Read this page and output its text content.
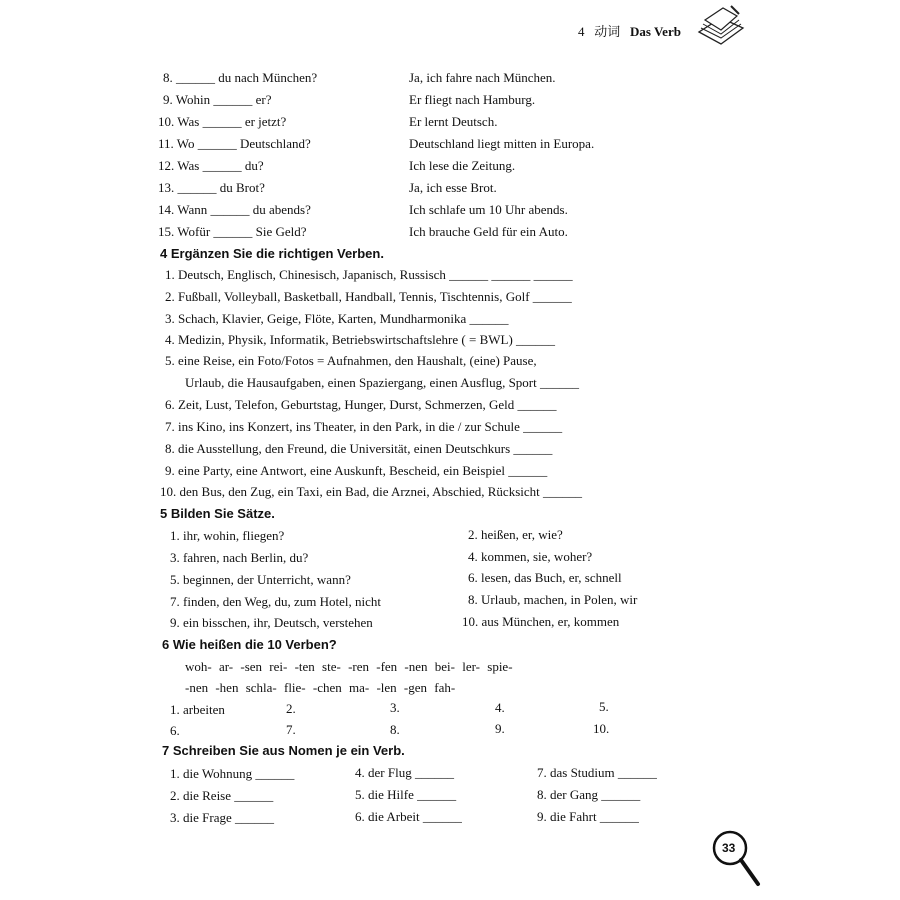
4 动词 Das Verb
8. ______ du nach München?	Ja, ich fahre nach München.
9. Wohin ______ er?	Er fliegt nach Hamburg.
10. Was ______ er jetzt?	Er lernt Deutsch.
11. Wo ______ Deutschland?	Deutschland liegt mitten in Europa.
12. Was ______ du?	Ich lese die Zeitung.
13. ______ du Brot?	Ja, ich esse Brot.
14. Wann ______ du abends?	Ich schlafe um 10 Uhr abends.
15. Wofür ______ Sie Geld?	Ich brauche Geld für ein Auto.
4 Ergänzen Sie die richtigen Verben.
1. Deutsch, Englisch, Chinesisch, Japanisch, Russisch ______ ______ ______
2. Fußball, Volleyball, Basketball, Handball, Tennis, Tischtennis, Golf ______
3. Schach, Klavier, Geige, Flöte, Karten, Mundharmonika ______
4. Medizin, Physik, Informatik, Betriebswirtschaftslehre ( = BWL) ______
5. eine Reise, ein Foto/Fotos = Aufnahmen, den Haushalt, (eine) Pause,
Urlaub, die Hausaufgaben, einen Spaziergang, einen Ausflug, Sport ______
6. Zeit, Lust, Telefon, Geburtstag, Hunger, Durst, Schmerzen, Geld ______
7. ins Kino, ins Konzert, ins Theater, in den Park, in die / zur Schule ______
8. die Ausstellung, den Freund, die Universität, einen Deutschkurs ______
9. eine Party, eine Antwort, eine Auskunft, Bescheid, ein Beispiel ______
10. den Bus, den Zug, ein Taxi, ein Bad, die Arznei, Abschied, Rücksicht ______
5 Bilden Sie Sätze.
1. ihr, wohin, fliegen?	2. heißen, er, wie?
3. fahren, nach Berlin, du?	4. kommen, sie, woher?
5. beginnen, der Unterricht, wann?	6. lesen, das Buch, er, schnell
7. finden, den Weg, du, zum Hotel, nicht	8. Urlaub, machen, in Polen, wir
9. ein bisschen, ihr, Deutsch, verstehen	10. aus München, er, kommen
6 Wie heißen die 10 Verben?
woh- ar- -sen rei- -ten ste- -ren -fen -nen bei- ler- spie-
-nen -hen schla- flie- -chen ma- -len -gen fah-
1. arbeiten	2.	3.	4.	5.
6.	7.	8.	9.	10.
7 Schreiben Sie aus Nomen je ein Verb.
1. die Wohnung ______
2. die Reise ______
3. die Frage ______
4. der Flug ______
5. die Hilfe ______
6. die Arbeit ______
7. das Studium ______
8. der Gang ______
9. die Fahrt ______
33
